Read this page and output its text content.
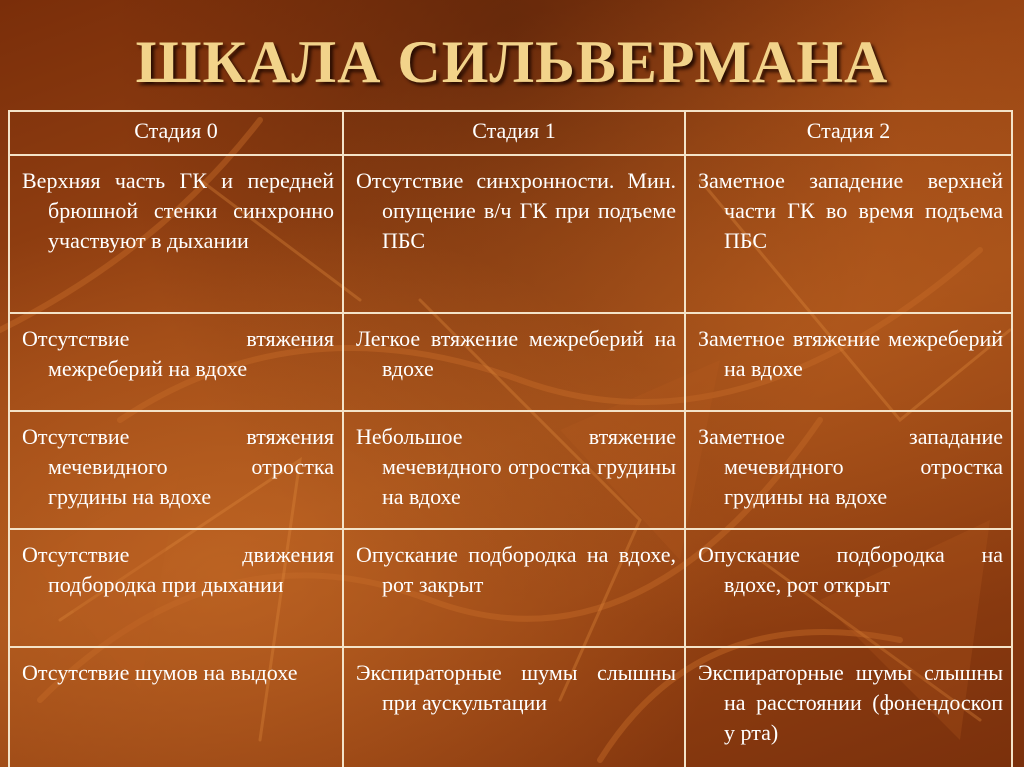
ШКАЛА СИЛЬВЕРМАНА
Стадия 0	Стадия 1	Стадия 2

Верхняя часть ГК и передней брюшной стенки синхронно участвуют в дыхании	Отсутствие синхронности. Мин. опущение в/ч ГК при подъеме ПБС	Заметное западение верхней части ГК во время подъема ПБС

Отсутствие втяжения межреберий на вдохе	Легкое втяжение межреберий на вдохе	Заметное втяжение межреберий на вдохе

Отсутствие втяжения мечевидного отростка грудины на вдохе	Небольшое втяжение мечевидного отростка грудины на вдохе	Заметное западание мечевидного отростка грудины на вдохе

Отсутствие движения подбородка при дыхании	Опускание подбородка на вдохе, рот закрыт	Опускание подбородка на вдохе, рот открыт

Отсутствие шумов на выдохе	Экспираторные шумы слышны при аускультации	Экспираторные шумы слышны на расстоянии (фонендоскоп у рта)
